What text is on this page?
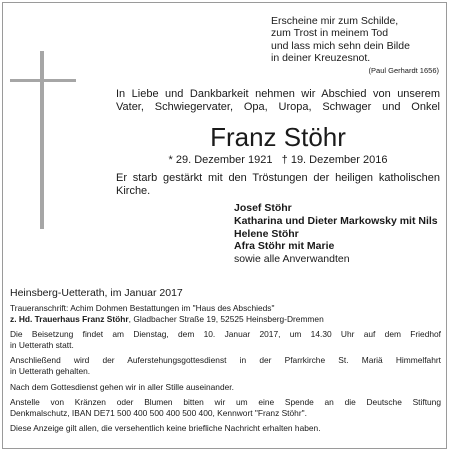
Erscheine mir zum Schilde,
zum Trost in meinem Tod
und lass mich sehn dein Bilde
in deiner Kreuzesnot.
(Paul Gerhardt 1656)
In Liebe und Dankbarkeit nehmen wir Abschied von unserem
Vater, Schwiegervater, Opa, Uropa, Schwager und Onkel
Franz Stöhr
* 29. Dezember 1921   † 19. Dezember 2016
Er starb gestärkt mit den Tröstungen der heiligen katholischen
Kirche.
Josef Stöhr
Katharina und Dieter Markowsky mit Nils
Helene Stöhr
Afra Stöhr mit Marie
sowie alle Anverwandten
Heinsberg-Uetterath, im Januar 2017
Traueranschrift: Achim Dohmen Bestattungen im "Haus des Abschieds"
z. Hd. Trauerhaus Franz Stöhr, Gladbacher Straße 19, 52525 Heinsberg-Dremmen
Die Beisetzung findet am Dienstag, dem 10. Januar 2017, um 14.30 Uhr auf dem Friedhof
in Uetterath statt.
Anschließend wird der Auferstehungsgottesdienst in der Pfarrkirche St. Mariä Himmelfahrt
in Uetterath gehalten.
Nach dem Gottesdienst gehen wir in aller Stille auseinander.
Anstelle von Kränzen oder Blumen bitten wir um eine Spende an die Deutsche Stiftung
Denkmalschutz, IBAN DE71 500 400 500 400 500 400, Kennwort "Franz Stöhr".
Diese Anzeige gilt allen, die versehentlich keine briefliche Nachricht erhalten haben.
